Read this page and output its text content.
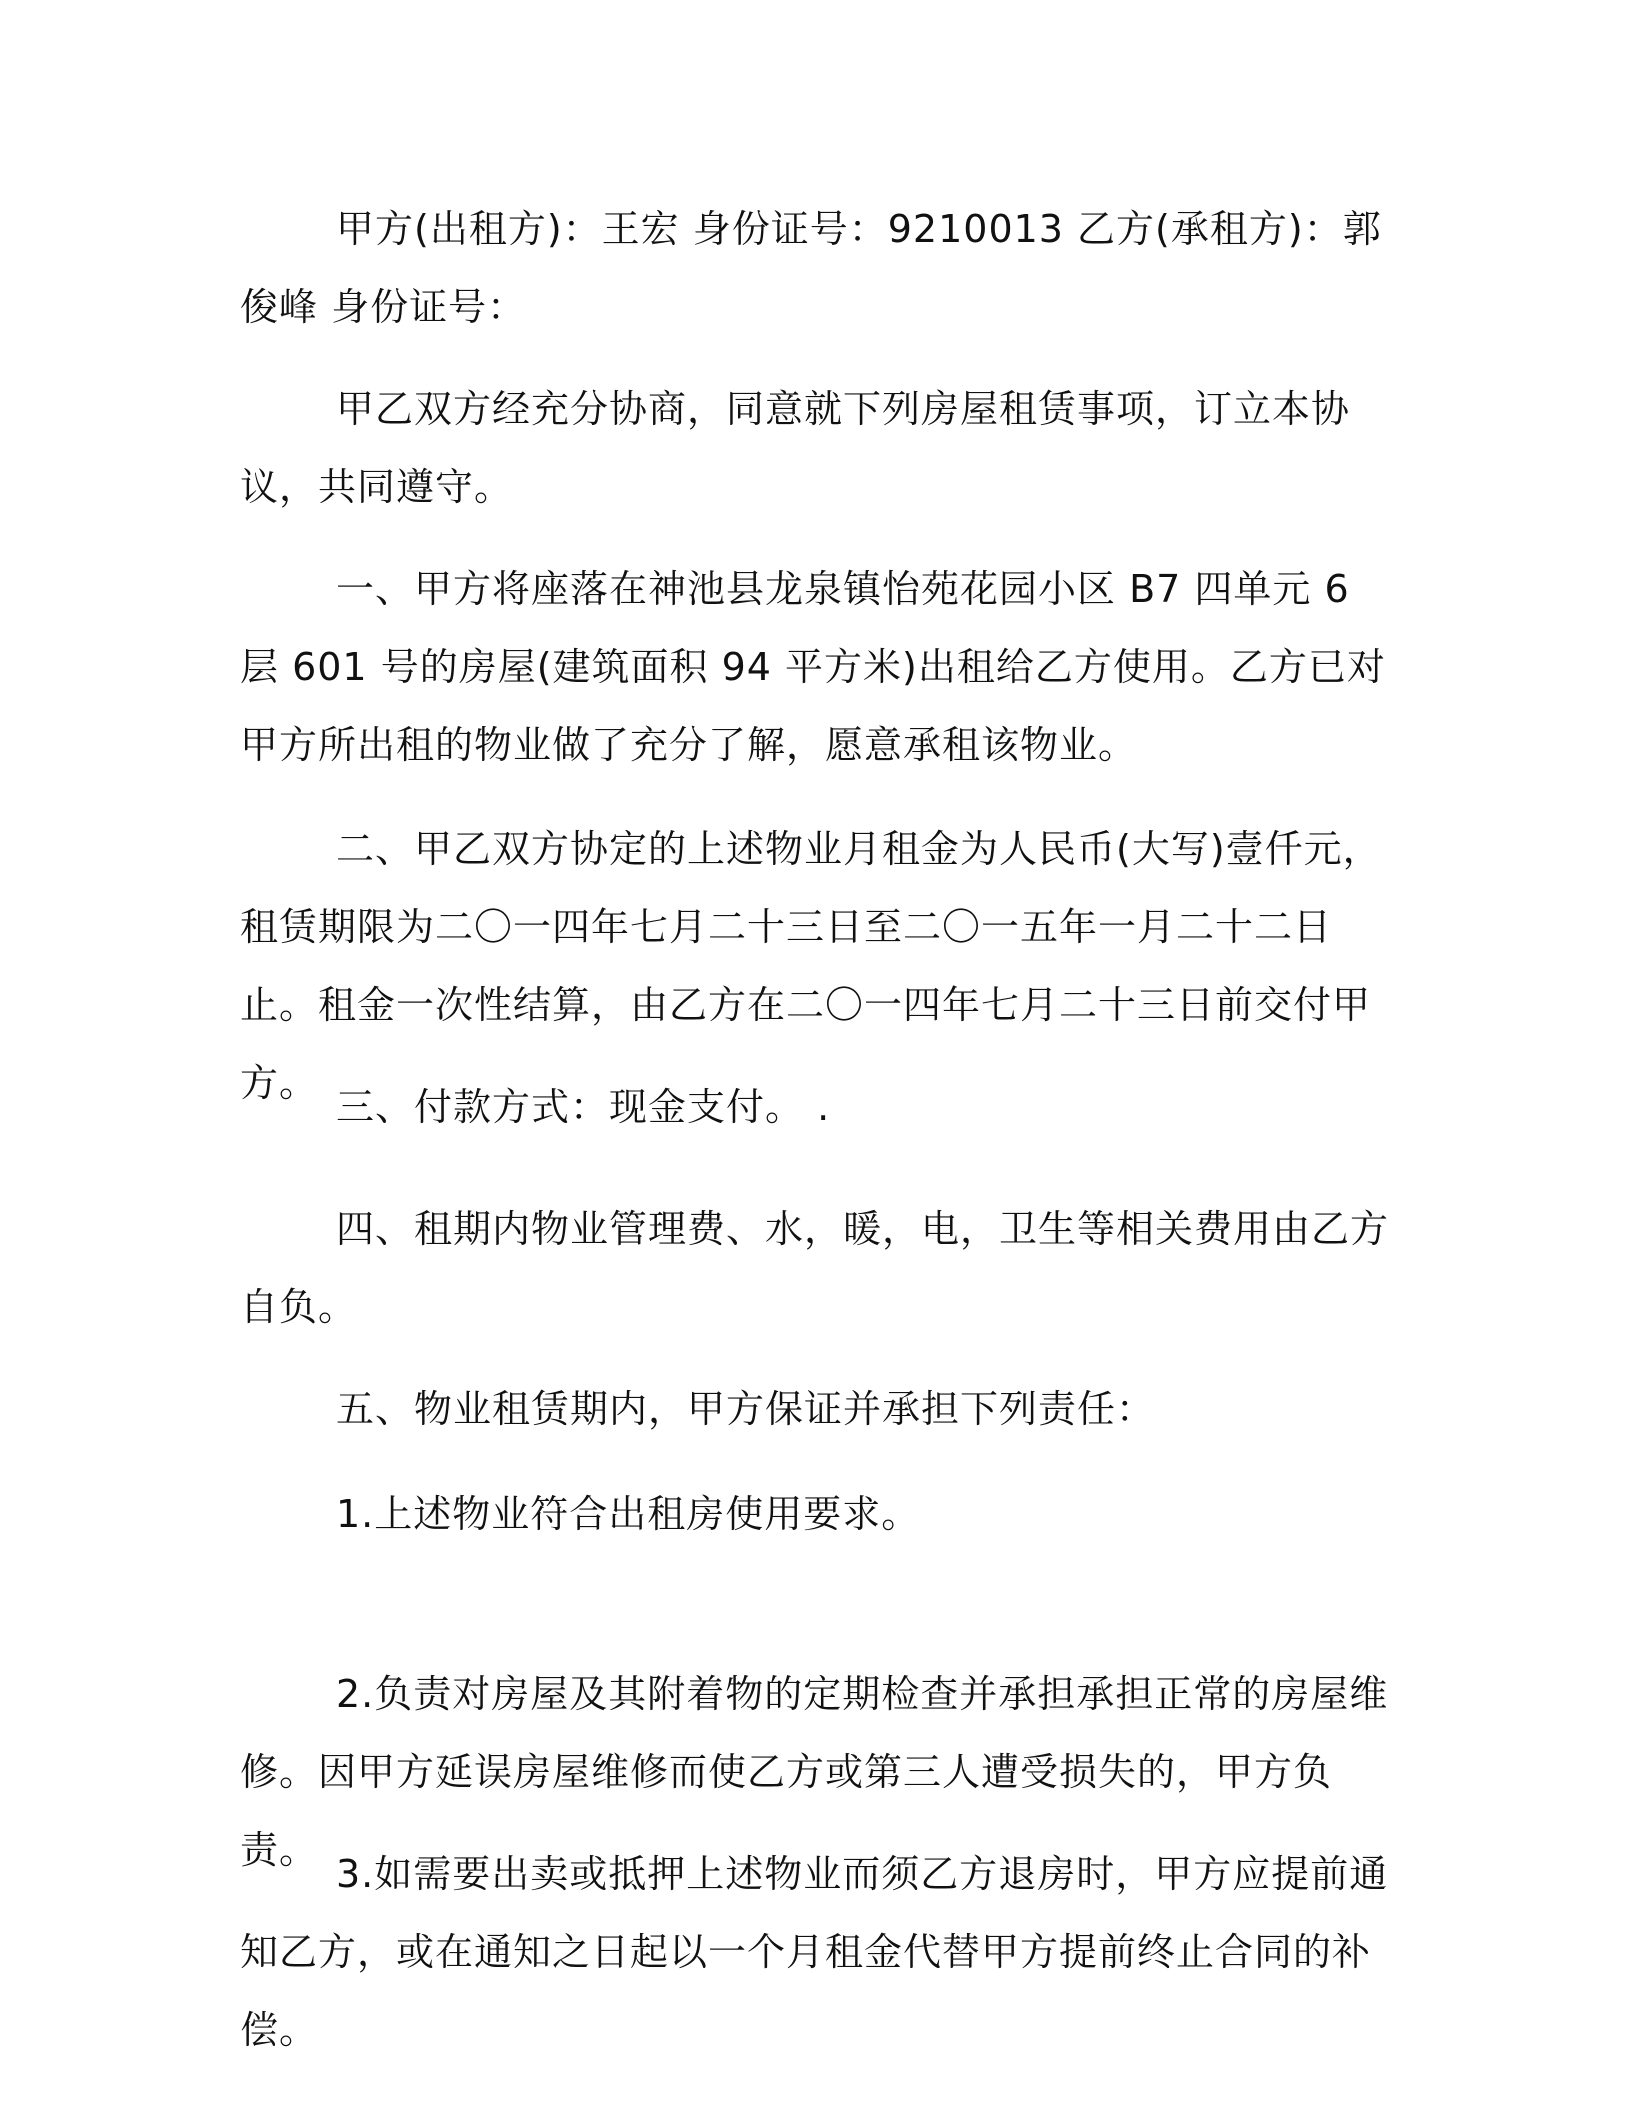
甲方(出租方)：王宏 身份证号：9210013 乙方(承租方)：郭俊峰 身份证号：

甲乙双方经充分协商，同意就下列房屋租赁事项，订立本协议，共同遵守。

一、甲方将座落在神池县龙泉镇怡苑花园小区 B7 四单元 6 层 601 号的房屋(建筑面积 94 平方米)出租给乙方使用。乙方已对甲方所出租的物业做了充分了解，愿意承租该物业。

二、甲乙双方协定的上述物业月租金为人民币(大写)壹仟元，租赁期限为二〇一四年七月二十三日至二〇一五年一月二十二日止。租金一次性结算，由乙方在二〇一四年七月二十三日前交付甲方。

三、付款方式：现金支付。 .

四、租期内物业管理费、水，暖，电，卫生等相关费用由乙方自负。

五、物业租赁期内，甲方保证并承担下列责任：

1.上述物业符合出租房使用要求。

2.负责对房屋及其附着物的定期检查并承担承担正常的房屋维修。因甲方延误房屋维修而使乙方或第三人遭受损失的，甲方负责。

3.如需要出卖或抵押上述物业而须乙方退房时，甲方应提前通知乙方，或在通知之日起以一个月租金代替甲方提前终止合同的补偿。
